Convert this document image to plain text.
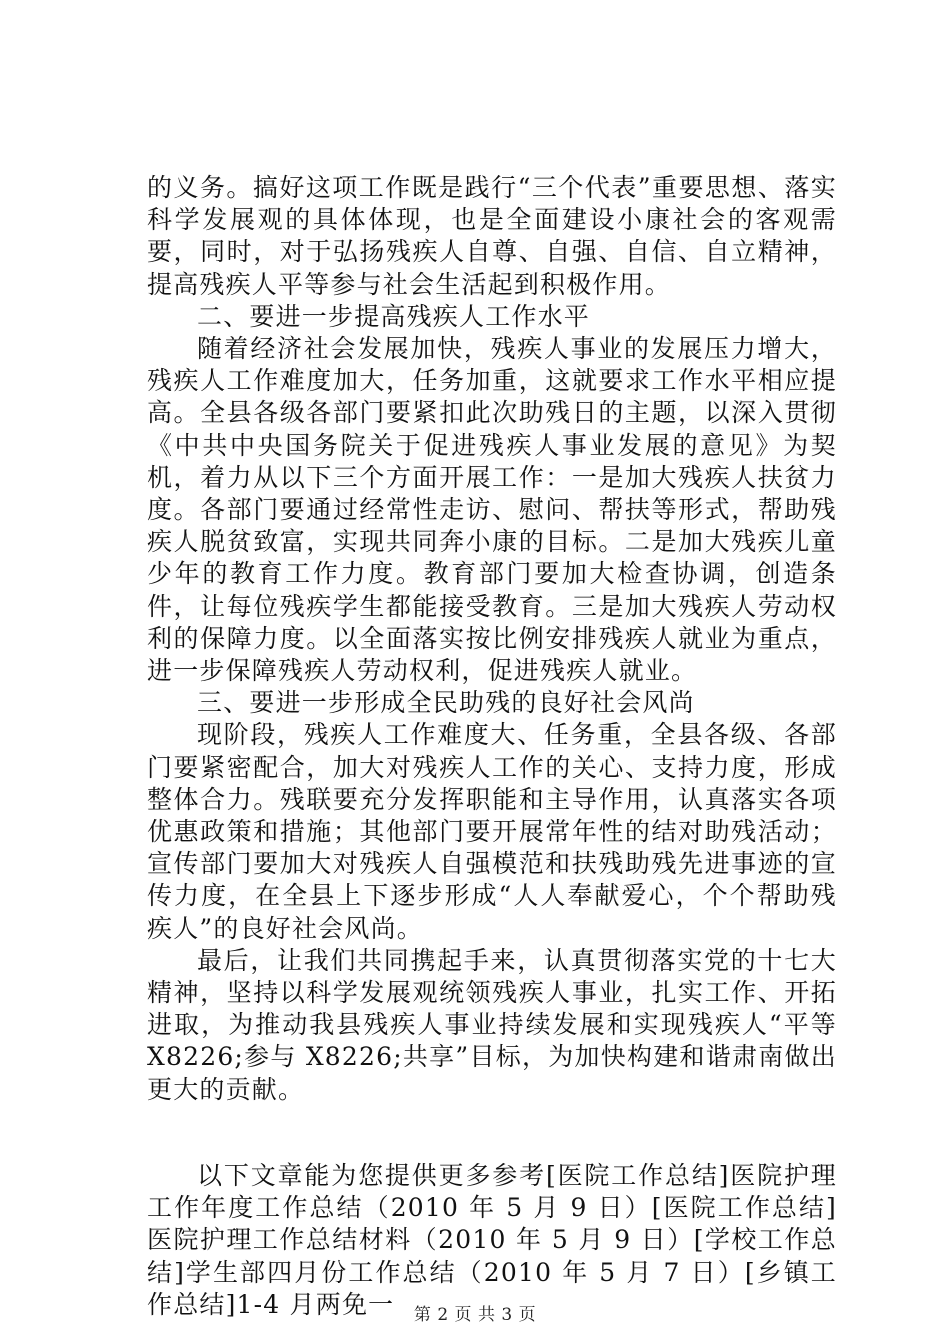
的义务。搞好这项工作既是践行“三个代表”重要思想、落实科学发展观的具体体现，也是全面建设小康社会的客观需要，同时，对于弘扬残疾人自尊、自强、自信、自立精神，提高残疾人平等参与社会生活起到积极作用。

二、要进一步提高残疾人工作水平

随着经济社会发展加快，残疾人事业的发展压力增大，残疾人工作难度加大，任务加重，这就要求工作水平相应提高。全县各级各部门要紧扣此次助残日的主题，以深入贯彻《中共中央国务院关于促进残疾人事业发展的意见》为契机，着力从以下三个方面开展工作：一是加大残疾人扶贫力度。各部门要通过经常性走访、慰问、帮扶等形式，帮助残疾人脱贫致富，实现共同奔小康的目标。二是加大残疾儿童少年的教育工作力度。教育部门要加大检查协调，创造条件，让每位残疾学生都能接受教育。三是加大残疾人劳动权利的保障力度。以全面落实按比例安排残疾人就业为重点，进一步保障残疾人劳动权利，促进残疾人就业。

三、要进一步形成全民助残的良好社会风尚

现阶段，残疾人工作难度大、任务重，全县各级、各部门要紧密配合，加大对残疾人工作的关心、支持力度，形成整体合力。残联要充分发挥职能和主导作用，认真落实各项优惠政策和措施；其他部门要开展常年性的结对助残活动；宣传部门要加大对残疾人自强模范和扶残助残先进事迹的宣传力度，在全县上下逐步形成“人人奉献爱心，个个帮助残疾人”的良好社会风尚。

最后，让我们共同携起手来，认真贯彻落实党的十七大精神，坚持以科学发展观统领残疾人事业，扎实工作、开拓进取，为推动我县残疾人事业持续发展和实现残疾人“平等 X8226;参与 X8226;共享”目标，为加快构建和谐肃南做出更大的贡献。

以下文章能为您提供更多参考[医院工作总结]医院护理工作年度工作总结（2010 年 5 月 9 日）[医院工作总结]医院护理工作总结材料（2010 年 5 月 9 日）[学校工作总结]学生部四月份工作总结（2010 年 5 月 7 日）[乡镇工作总结]1-4 月两免一	第 2 页 共 3 页
